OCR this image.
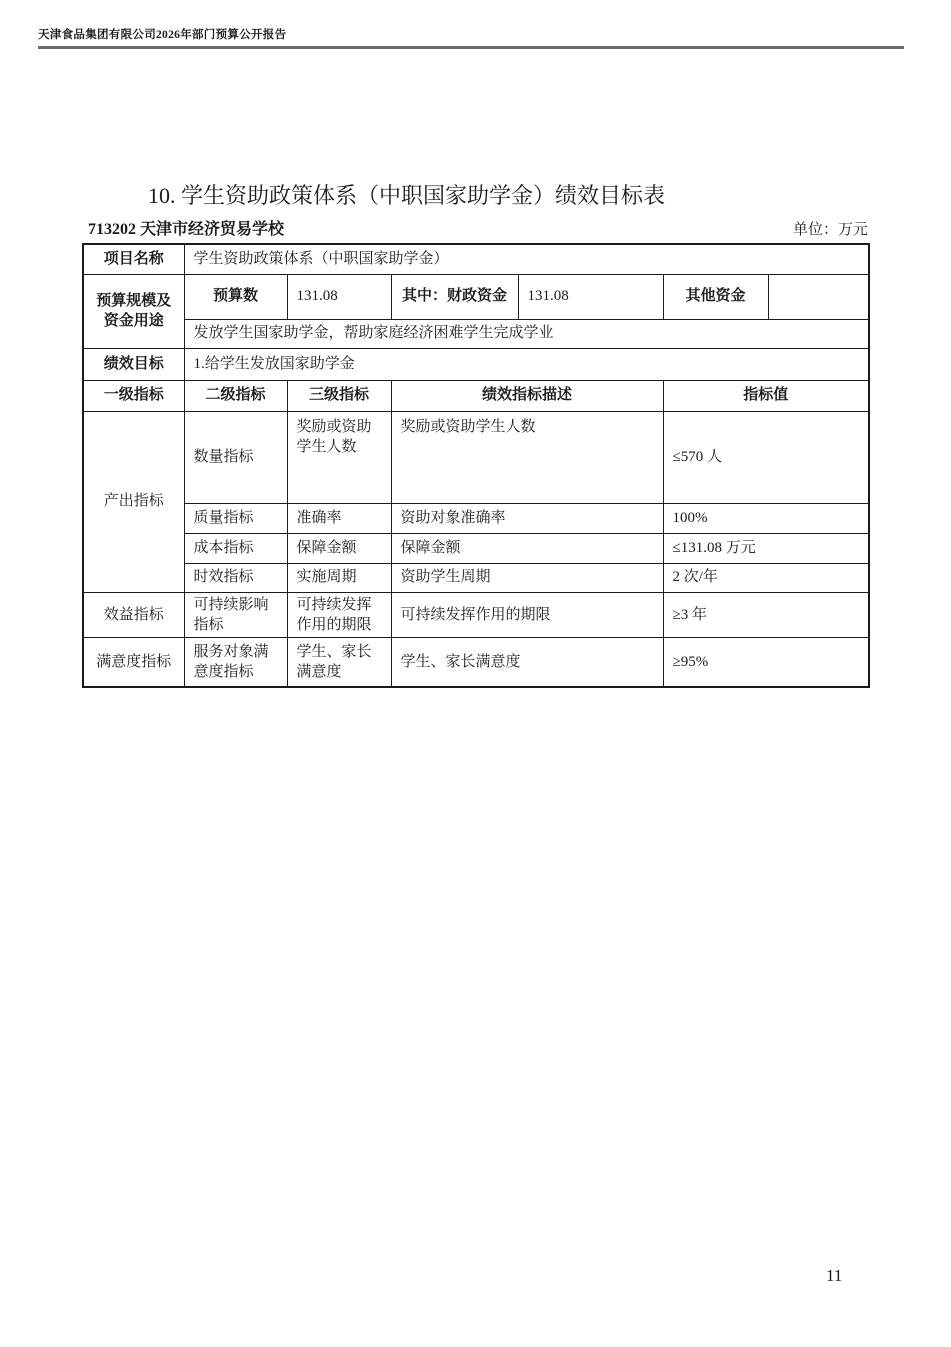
天津食品集团有限公司2026年部门预算公开报告
10. 学生资助政策体系（中职国家助学金）绩效目标表
713202 天津市经济贸易学校	单位：万元
项目名称	学生资助政策体系（中职国家助学金）					
预算规模及资金用途	预算数	131.08	其中：财政资金	131.08	其他资金	
	发放学生国家助学金，帮助家庭经济困难学生完成学业					
绩效目标	1.给学生发放国家助学金					
一级指标	二级指标	三级指标	绩效指标描述		指标值	
产出指标	数量指标	奖励或资助学生人数	奖励或资助学生人数		≤570 人	
	质量指标	准确率	资助对象准确率		100%	
	成本指标	保障金额	保障金额		≤131.08 万元	
	时效指标	实施周期	资助学生周期		2 次/年	
效益指标	可持续影响指标	可持续发挥作用的期限	可持续发挥作用的期限		≥3 年	
满意度指标	服务对象满意度指标	学生、家长满意度	学生、家长满意度		≥95%	
11
